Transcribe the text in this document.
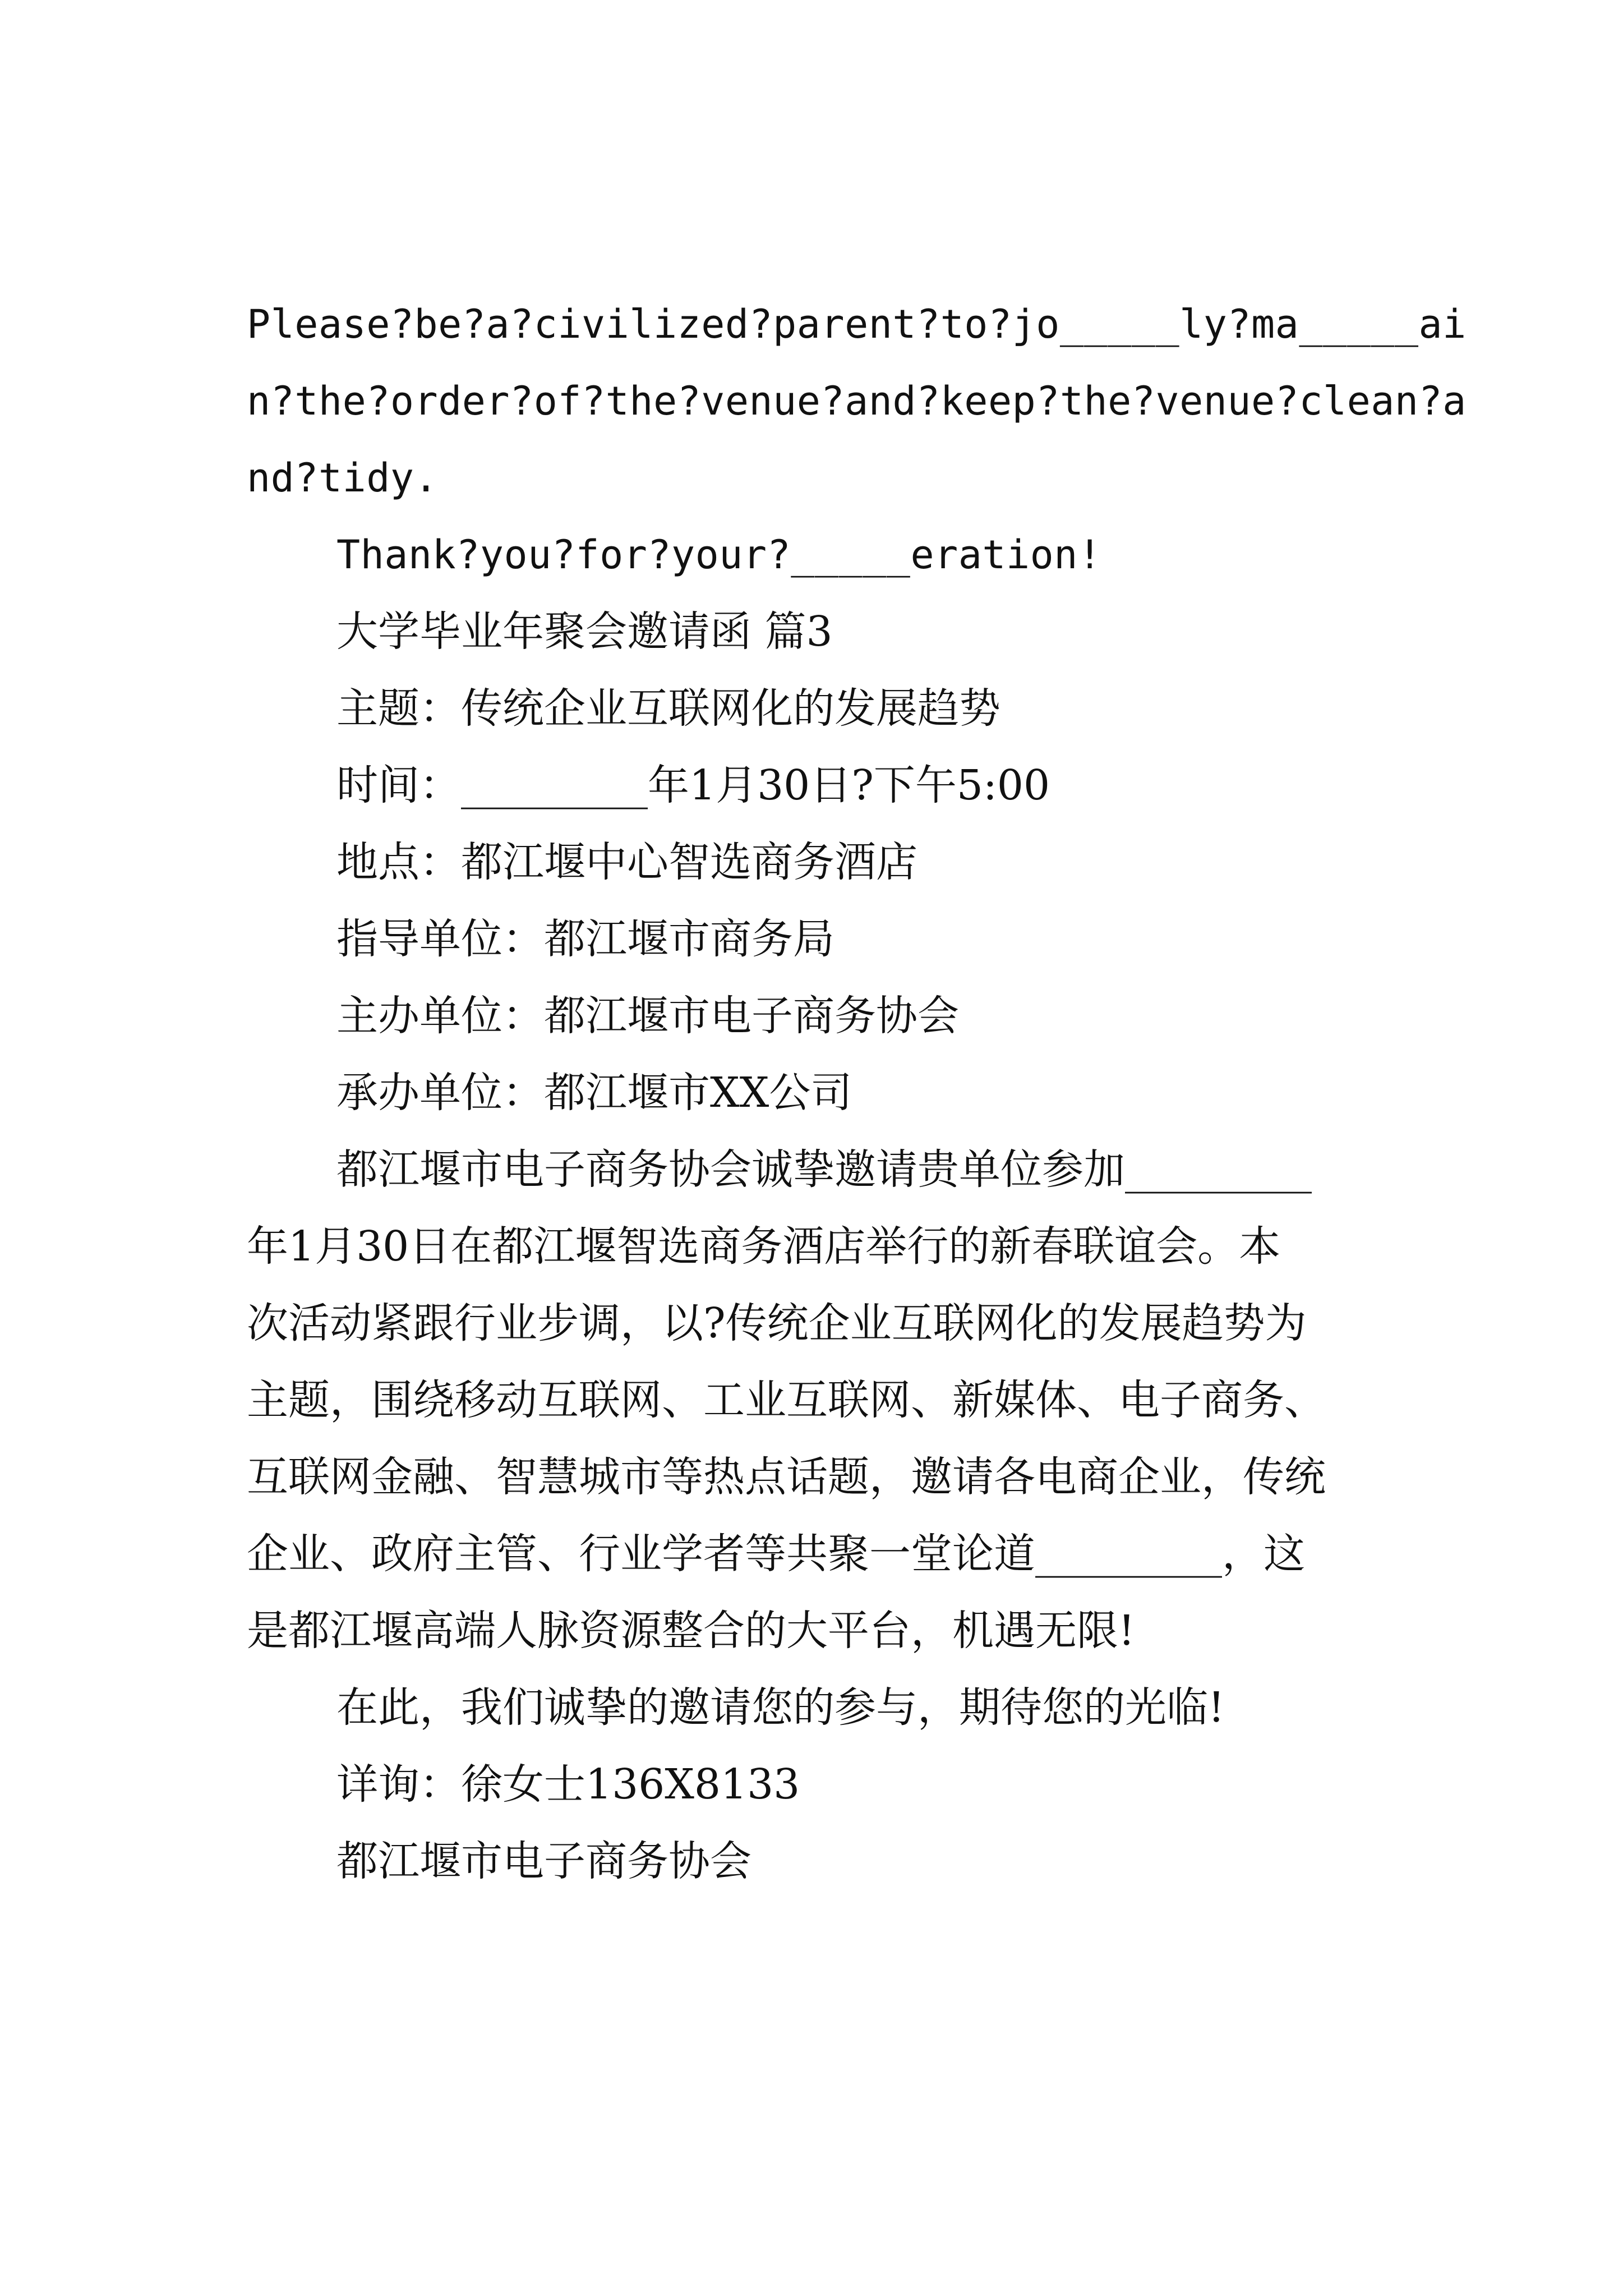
Please?be?a?civilized?parent?to?jo_____ly?ma_____ai

n?the?order?of?the?venue?and?keep?the?venue?clean?a

nd?tidy.

Thank?you?for?your?_____eration!

大学毕业年聚会邀请函 篇3

主题：传统企业互联网化的发展趋势

时间：_________年1月30日?下午5:00

地点：都江堰中心智选商务酒店

指导单位：都江堰市商务局

主办单位：都江堰市电子商务协会

承办单位：都江堰市XX公司

都江堰市电子商务协会诚挚邀请贵单位参加_________

年1月30日在都江堰智选商务酒店举行的新春联谊会。本

次活动紧跟行业步调，以?传统企业互联网化的发展趋势为

主题，围绕移动互联网、工业互联网、新媒体、电子商务、

互联网金融、智慧城市等热点话题，邀请各电商企业，传统

企业、政府主管、行业学者等共聚一堂论道_________，这

是都江堰高端人脉资源整合的大平台，机遇无限!

在此，我们诚挚的邀请您的参与，期待您的光临!

详询：徐女士136X8133

都江堰市电子商务协会
